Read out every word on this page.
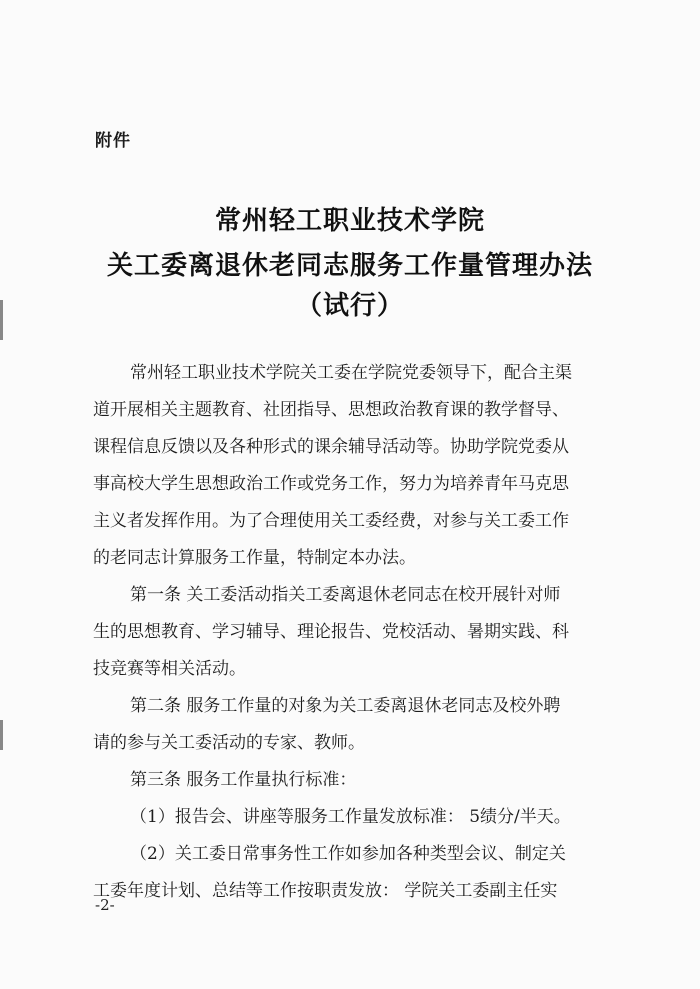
附件
常州轻工职业技术学院
关工委离退休老同志服务工作量管理办法
（试行）
常州轻工职业技术学院关工委在学院党委领导下，配合主渠
道开展相关主题教育、社团指导、思想政治教育课的教学督导、
课程信息反馈以及各种形式的课余辅导活动等。协助学院党委从
事高校大学生思想政治工作或党务工作，努力为培养青年马克思
主义者发挥作用。为了合理使用关工委经费，对参与关工委工作
的老同志计算服务工作量，特制定本办法。
第一条 关工委活动指关工委离退休老同志在校开展针对师
生的思想教育、学习辅导、理论报告、党校活动、暑期实践、科
技竞赛等相关活动。
第二条 服务工作量的对象为关工委离退休老同志及校外聘
请的参与关工委活动的专家、教师。
第三条 服务工作量执行标准：
（1）报告会、讲座等服务工作量发放标准： 5绩分/半天。
（2）关工委日常事务性工作如参加各种类型会议、制定关
工委年度计划、总结等工作按职责发放： 学院关工委副主任实
-2-
